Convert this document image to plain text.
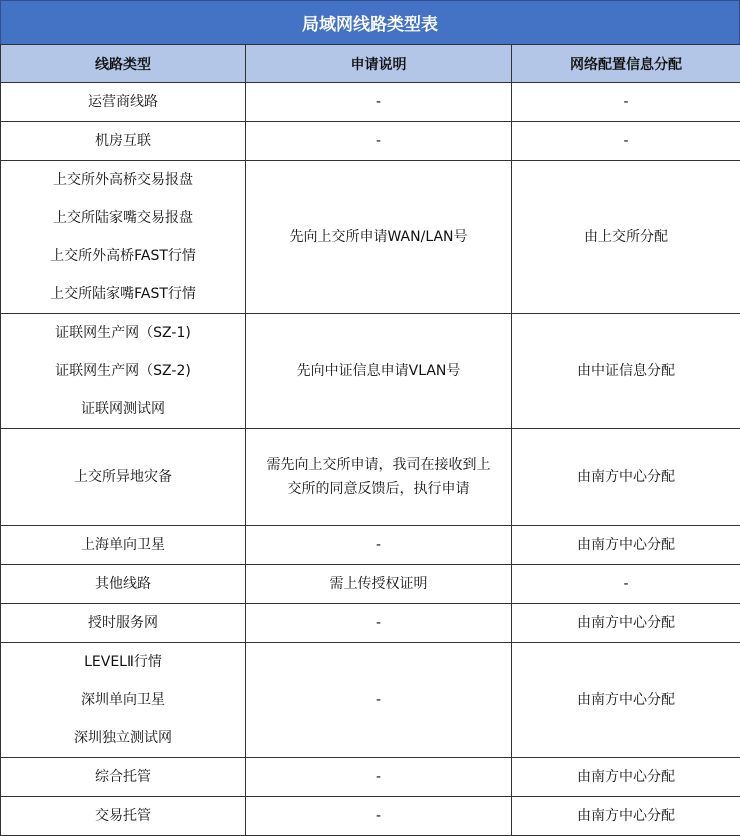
局域网线路类型表
线路类型	申请说明	网络配置信息分配

运营商线路	-	-

机房互联	-	-

上交所外高桥交易报盘
上交所陆家嘴交易报盘
上交所外高桥FAST行情
上交所陆家嘴FAST行情	先向上交所申请WAN/LAN号	由上交所分配

证联网生产网（SZ-1)
证联网生产网（SZ-2)
证联网测试网	先向中证信息申请VLAN号	由中证信息分配

上交所异地灾备	需先向上交所申请，我司在接收到上
交所的同意反馈后，执行申请	由南方中心分配

上海单向卫星	-	由南方中心分配

其他线路	需上传授权证明	-

授时服务网	-	由南方中心分配

LEVELⅡ行情
深圳单向卫星
深圳独立测试网	-	由南方中心分配

综合托管	-	由南方中心分配

交易托管	-	由南方中心分配
